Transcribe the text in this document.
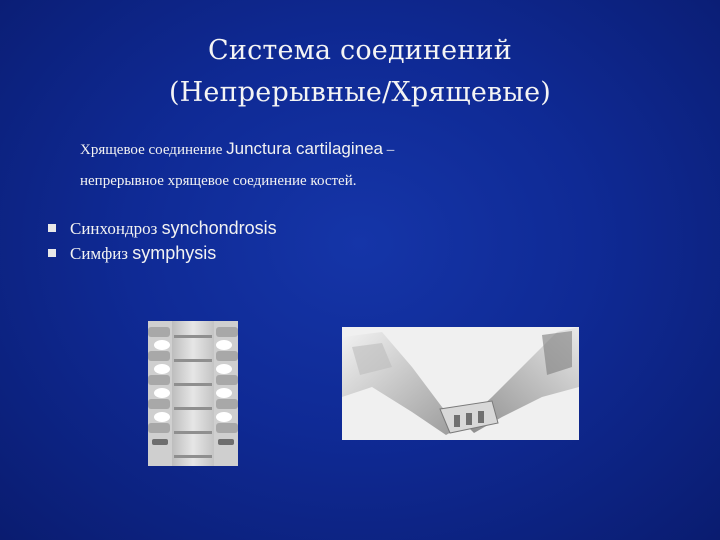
Система соединений
(Непрерывные/Хрящевые)
Хрящевое соединение Junctura cartilaginea –
непрерывное хрящевое соединение костей.
Синхондроз synchondrosis
Симфиз symphysis
